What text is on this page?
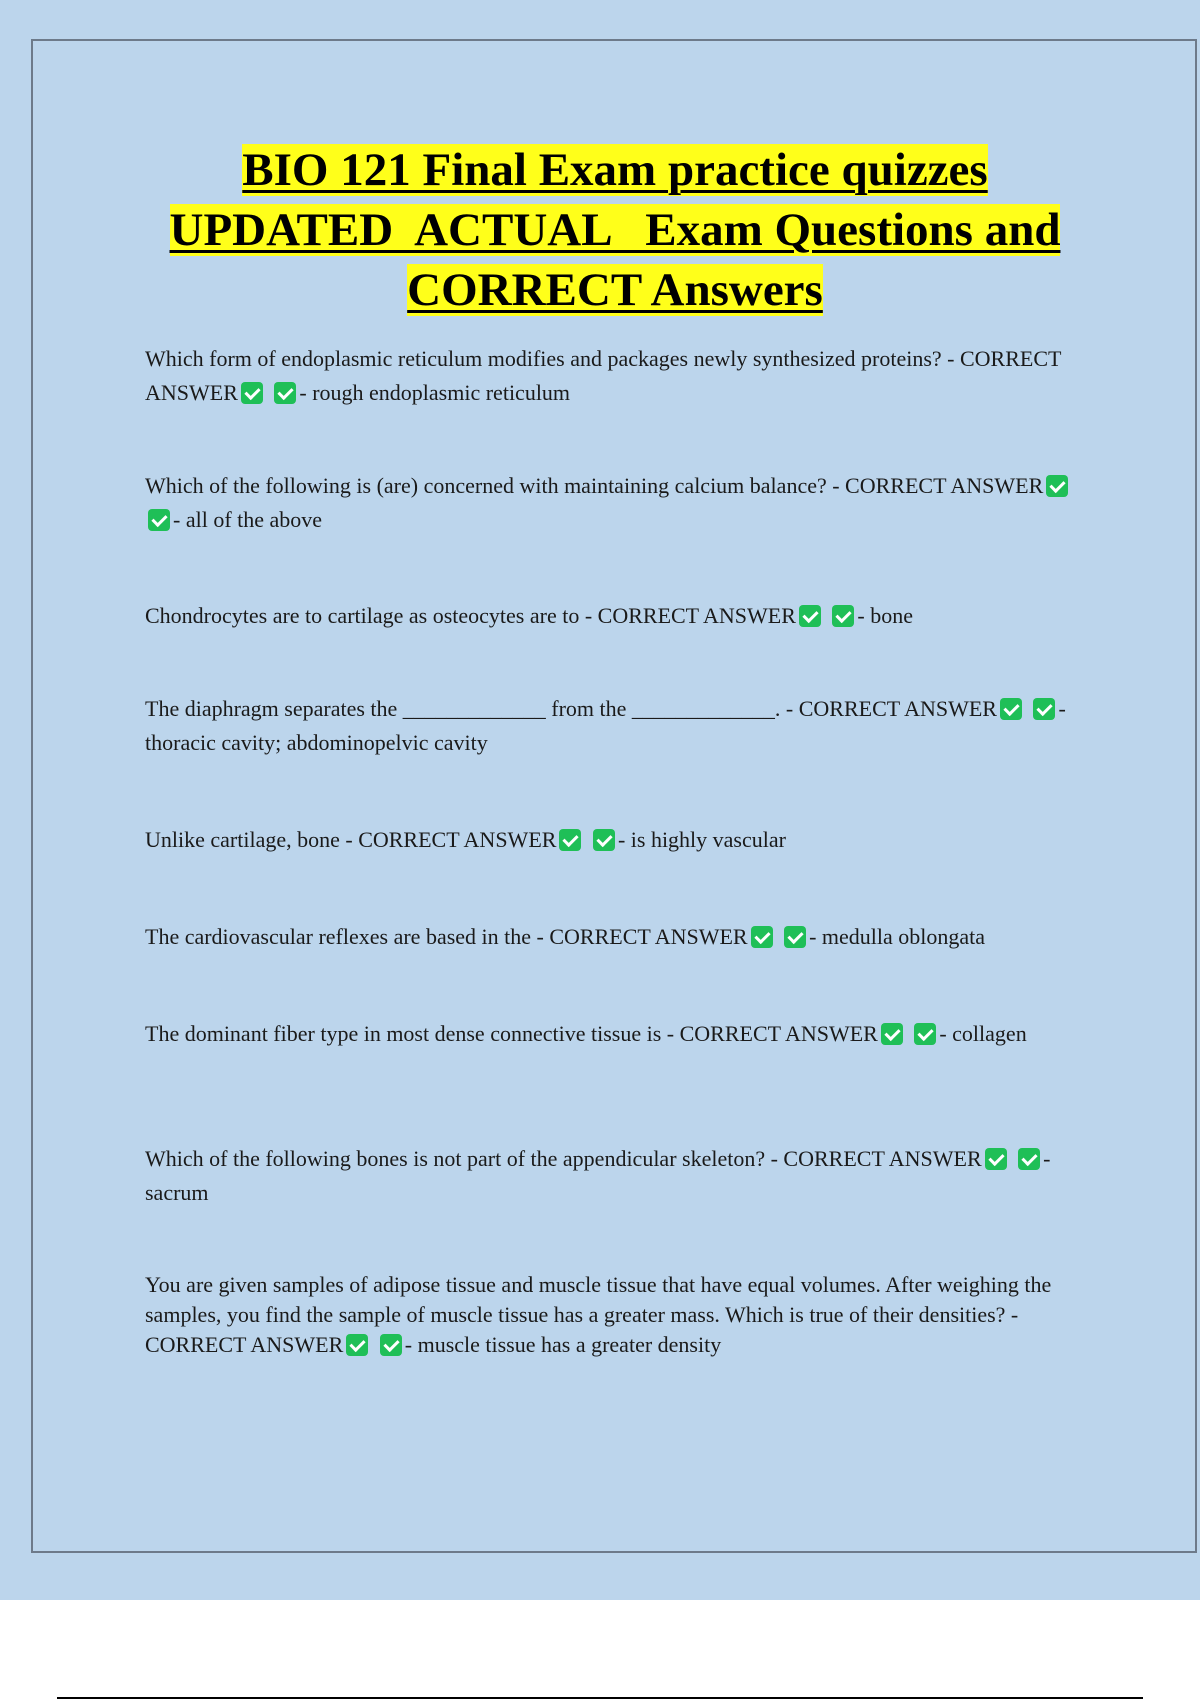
BIO 121 Final Exam practice quizzes
UPDATED  ACTUAL   Exam Questions and
CORRECT Answers
Which form of endoplasmic reticulum modifies and packages newly synthesized proteins? - CORRECT ANSWER	- rough endoplasmic reticulum
Which of the following is (are) concerned with maintaining calcium balance? - CORRECT ANSWER - all of the above
Chondrocytes are to cartilage as osteocytes are to - CORRECT ANSWER	- bone
The diaphragm separates the _____________ from the _____________. - CORRECT ANSWER	- thoracic cavity; abdominopelvic cavity
Unlike cartilage, bone - CORRECT ANSWER	- is highly vascular
The cardiovascular reflexes are based in the - CORRECT ANSWER	- medulla oblongata
The dominant fiber type in most dense connective tissue is - CORRECT ANSWER	- collagen
Which of the following bones is not part of the appendicular skeleton? - CORRECT ANSWER	- sacrum
You are given samples of adipose tissue and muscle tissue that have equal volumes. After weighing the samples, you find the sample of muscle tissue has a greater mass. Which is true of their densities? - CORRECT ANSWER	- muscle tissue has a greater density
